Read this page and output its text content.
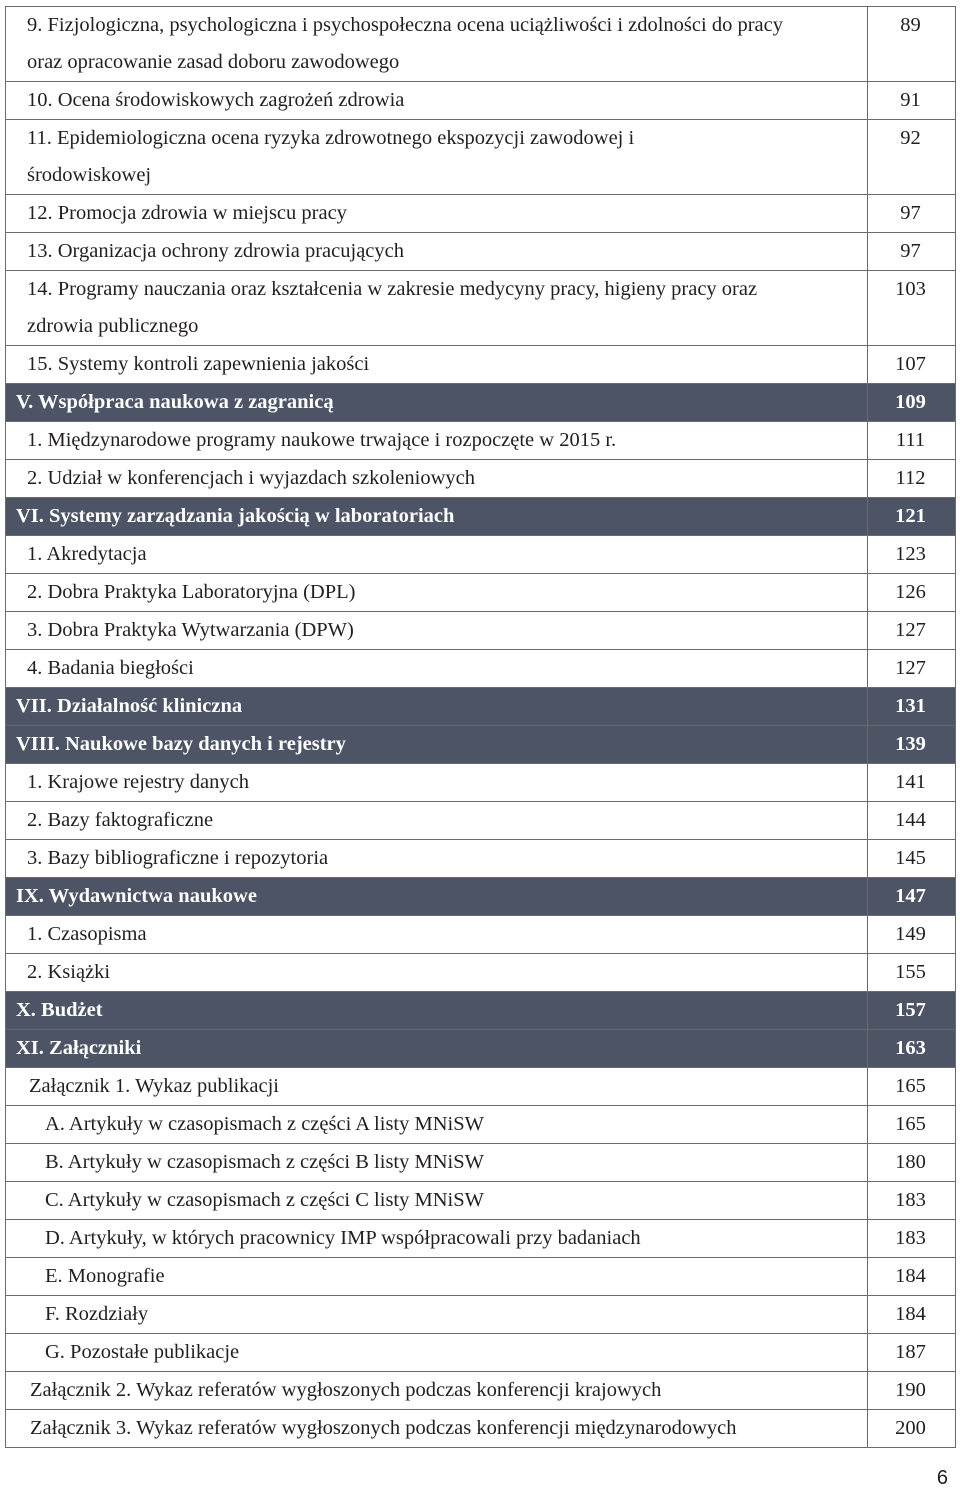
9. Fizjologiczna, psychologiczna i psychospołeczna ocena uciążliwości i zdolności do pracy oraz opracowanie zasad doboru zawodowego	89
10. Ocena środowiskowych zagrożeń zdrowia	91
11. Epidemiologiczna ocena ryzyka zdrowotnego ekspozycji zawodowej i środowiskowej	92
12. Promocja zdrowia w miejscu pracy	97
13. Organizacja ochrony zdrowia pracujących	97
14. Programy nauczania oraz kształcenia w zakresie medycyny pracy, higieny pracy oraz zdrowia publicznego	103
15. Systemy kontroli zapewnienia jakości	107
V. Współpraca naukowa z zagranicą	109
1. Międzynarodowe programy naukowe trwające i rozpoczęte w 2015 r.	111
2. Udział w konferencjach i wyjazdach szkoleniowych	112
VI. Systemy zarządzania jakością w laboratoriach	121
1. Akredytacja	123
2. Dobra Praktyka Laboratoryjna (DPL)	126
3. Dobra Praktyka Wytwarzania (DPW)	127
4. Badania biegłości	127
VII. Działalność kliniczna	131
VIII. Naukowe bazy danych i rejestry	139
1. Krajowe rejestry danych	141
2. Bazy faktograficzne	144
3. Bazy bibliograficzne i repozytoria	145
IX. Wydawnictwa naukowe	147
1. Czasopisma	149
2. Książki	155
X. Budżet	157
XI. Załączniki	163
Załącznik 1. Wykaz publikacji	165
A. Artykuły w czasopismach z części A listy MNiSW	165
B. Artykuły w czasopismach z części B listy MNiSW	180
C. Artykuły w czasopismach z części C listy MNiSW	183
D. Artykuły, w których pracownicy IMP współpracowali przy badaniach	183
E. Monografie	184
F. Rozdziały	184
G. Pozostałe publikacje	187
Załącznik 2. Wykaz referatów wygłoszonych podczas konferencji krajowych	190
Załącznik 3. Wykaz referatów wygłoszonych podczas konferencji międzynarodowych	200
6
